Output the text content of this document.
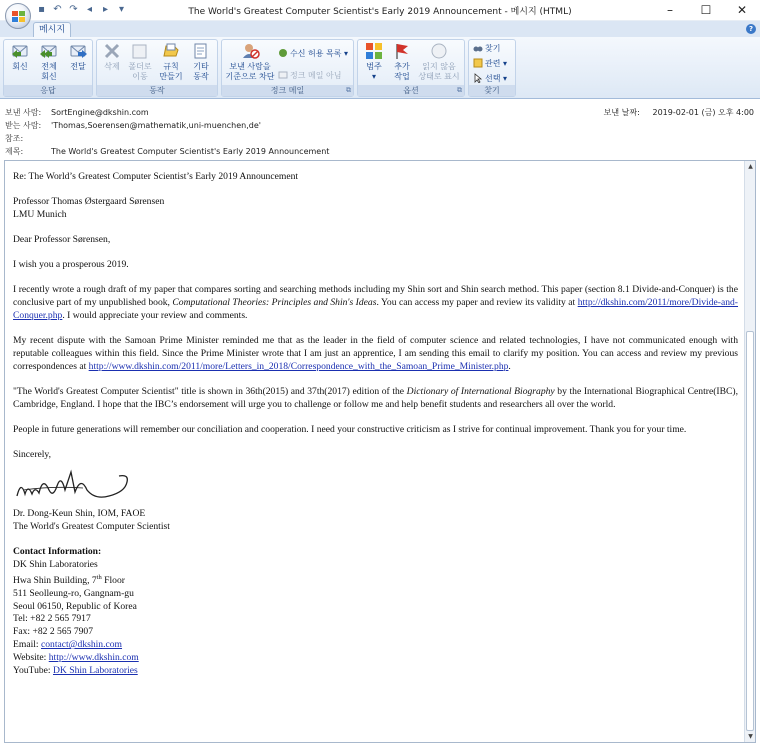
▪ ↶ ↷ ◂ ▸ ▾	The World's Greatest Computer Scientist's Early 2019 Announcement - 메시지 (HTML)	–	☐	✕
메시지	?
회신	전체
회신
전달
응답
삭제	폴더로
이동
규칙
만들기
기타
동작
동작
보낸 사람을
기준으로 차단
수신 허용 목록 ▾
정크 메일 아님
정크 메일	⧉
범주
▾
추가
작업
읽지 않음
상태로 표시
옵션	⧉
찾기
관련 ▾
선택 ▾
찾기
보낸 사람: SortEngine@dkshin.com	보낸 날짜: 2019-02-01 (금) 오후 4:00
받는 사람: 'Thomas,Soerensen@mathematik,uni-muenchen,de'
참조:
제목:	The World's Greatest Computer Scientist's Early 2019 Announcement

Re: The World’s Greatest Computer Scientist’s Early 2019 Announcement

Professor Thomas Østergaard Sørensen
LMU Munich

Dear Professor Sørensen,

I wish you a prosperous 2019.

I recently wrote a rough draft of my paper that compares sorting and searching methods including my Shin sort and Shin search method. This paper (section 8.1 Divide-and-Conquer) is the conclusive part of my unpublished book, Computational Theories: Principles and Shin's Ideas. You can access my paper and review its validity at http://dkshin.com/2011/more/Divide-and-Conquer.php. I would appreciate your review and comments.

My recent dispute with the Samoan Prime Minister reminded me that as the leader in the field of computer science and related technologies, I have not communicated enough with reputable colleagues within this field. Since the Prime Minister wrote that I am just an apprentice, I am sending this email to clarify my position. You can access and review my previous correspondences at http://www.dkshin.com/2011/more/Letters_in_2018/Correspondence_with_the_Samoan_Prime_Minister.php.

"The World's Greatest Computer Scientist" title is shown in 36th(2015) and 37th(2017) edition of the Dictionary of International Biography by the International Biographical Centre(IBC), Cambridge, England. I hope that the IBC’s endorsement will urge you to challenge or follow me and help benefit students and researchers all over the world.

People in future generations will remember our conciliation and cooperation. I need your constructive criticism as I strive for continual improvement. Thank you for your time.

Sincerely,

Dr. Dong-Keun Shin, IOM, FAOE
The World's Greatest Computer Scientist

Contact Information:
DK Shin Laboratories
Hwa Shin Building, 7th Floor
511 Seolleung-ro, Gangnam-gu
Seoul 06150, Republic of Korea
Tel: +82 2 565 7917
Fax: +82 2 565 7907
Email: contact@dkshin.com
Website: http://www.dkshin.com
YouTube: DK Shin Laboratories

▲
▼
